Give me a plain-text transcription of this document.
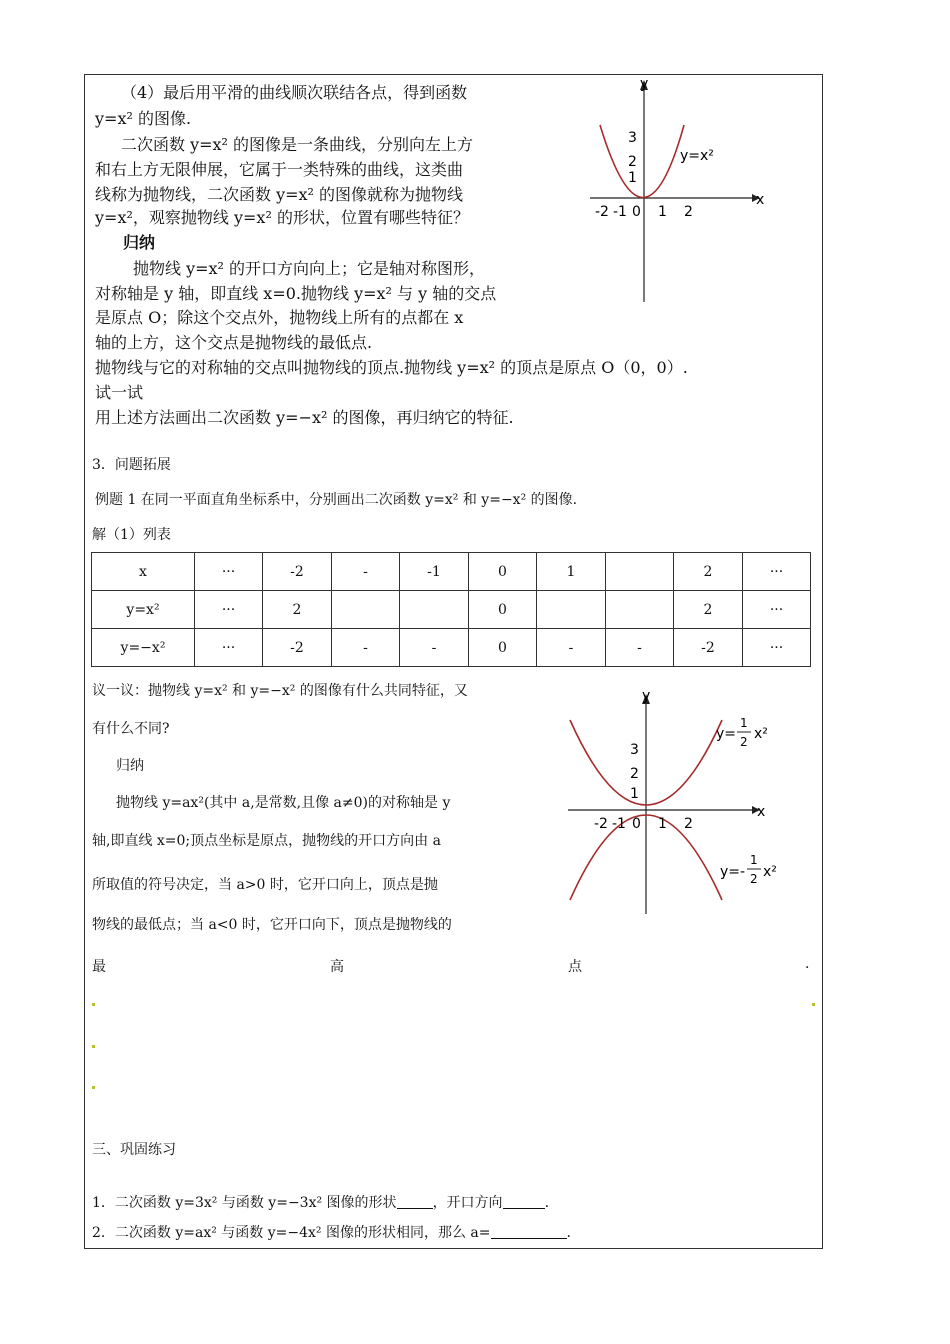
（4）最后用平滑的曲线顺次联结各点，得到函数
y=x² 的图像.
二次函数 y=x² 的图像是一条曲线，分别向左上方
和右上方无限伸展，它属于一类特殊的曲线，这类曲
线称为抛物线，二次函数 y=x² 的图像就称为抛物线
y=x²，观察抛物线 y=x² 的形状，位置有哪些特征？
归纳
抛物线 y=x² 的开口方向向上；它是轴对称图形，
对称轴是 y 轴，即直线 x=0.抛物线 y=x² 与 y 轴的交点
是原点 O；除这个交点外，抛物线上所有的点都在 x
轴的上方，这个交点是抛物线的最低点.
抛物线与它的对称轴的交点叫抛物线的顶点.抛物线 y=x² 的顶点是原点 O（0，0）.
试一试
用上述方法画出二次函数 y=−x² 的图像，再归纳它的特征.
x
y
-2 -1 0 1 2
1
2
3
y=x²
3．问题拓展
例题 1 在同一平面直角坐标系中，分别画出二次函数 y=x² 和 y=−x² 的图像.
解（1）列表
x	···	-2	-	-1	0	1		2	···
y=x²	···	2			0			2	···
y=−x²	···	-2	-	-	0	-	-	-2	···
议一议：抛物线 y=x² 和 y=−x² 的图像有什么共同特征，又
有什么不同?
归纳
抛物线 y=ax²(其中 a,是常数,且像 a≠0)的对称轴是 y
轴,即直线 x=0;顶点坐标是原点，抛物线的开口方向由 a
所取值的符号决定，当 a>0 时，它开口向上，顶点是抛
物线的最低点；当 a<0 时，它开口向下，顶点是抛物线的
最	高	点	.
x
y
-2 -1 0 1 2
1
2
3
y=
1
2 x²
y=-
1
2 x²
三、巩固练习
1．二次函数 y=3x² 与函数 y=−3x² 图像的形状	，开口方向	.
2．二次函数 y=ax² 与函数 y=−4x² 图像的形状相同，那么 a=	.
